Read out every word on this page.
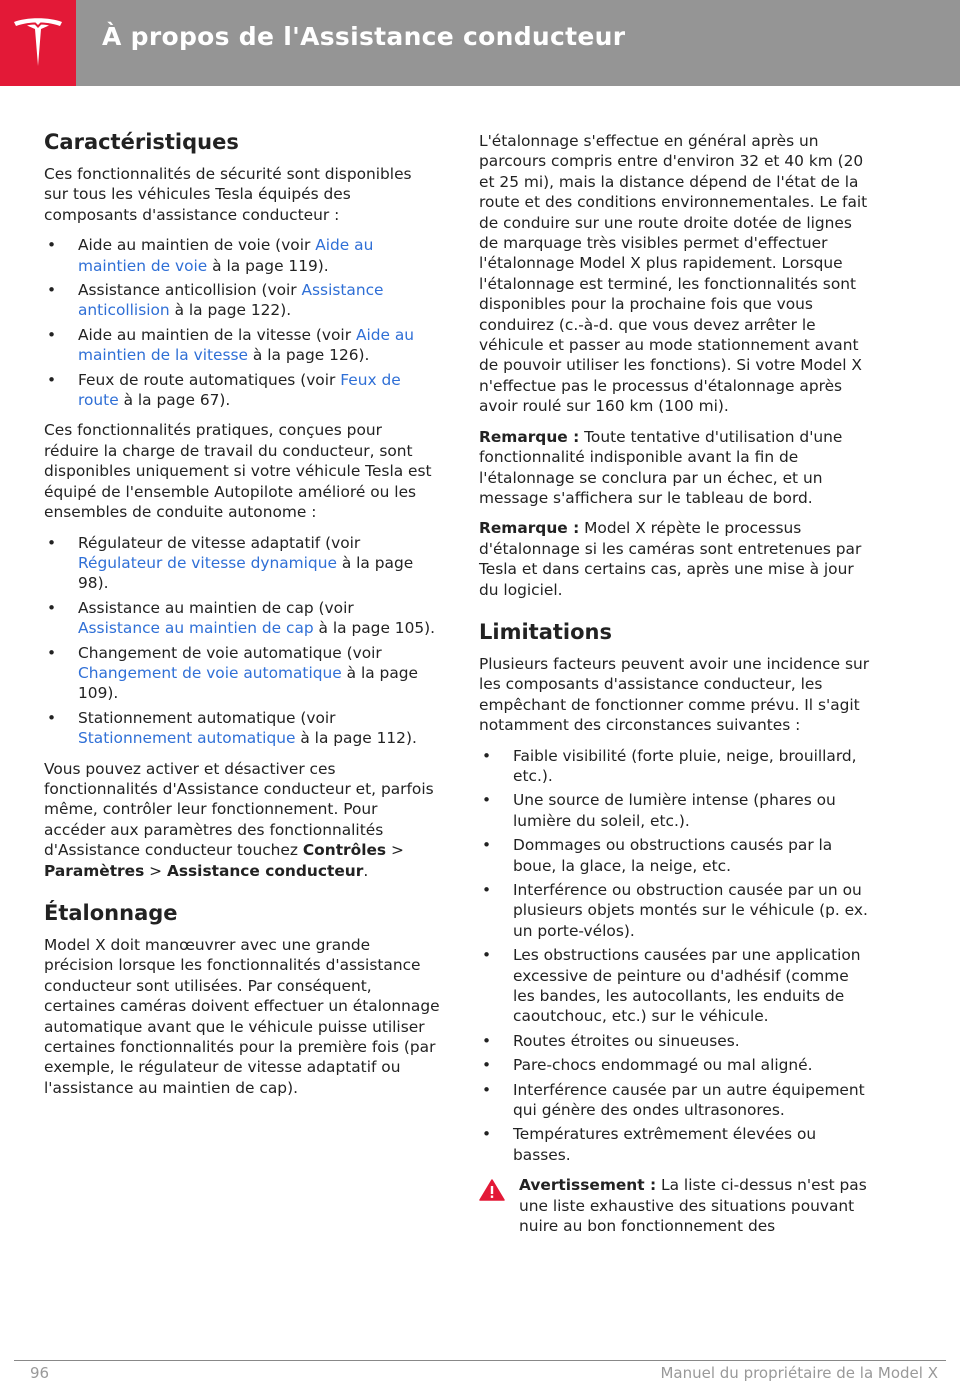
À propos de l'Assistance conducteur
Caractéristiques

Ces fonctionnalités de sécurité sont disponibles sur tous les véhicules Tesla équipés des composants d'assistance conducteur :

• Aide au maintien de voie (voir Aide au maintien de voie à la page 119).
• Assistance anticollision (voir Assistance anticollision à la page 122).
• Aide au maintien de la vitesse (voir Aide au maintien de la vitesse à la page 126).
• Feux de route automatiques (voir Feux de route à la page 67).

Ces fonctionnalités pratiques, conçues pour réduire la charge de travail du conducteur, sont disponibles uniquement si votre véhicule Tesla est équipé de l'ensemble Autopilote amélioré ou les ensembles de conduite autonome :

• Régulateur de vitesse adaptatif (voir Régulateur de vitesse dynamique à la page 98).
• Assistance au maintien de cap (voir Assistance au maintien de cap à la page 105).
• Changement de voie automatique (voir Changement de voie automatique à la page 109).
• Stationnement automatique (voir Stationnement automatique à la page 112).

Vous pouvez activer et désactiver ces fonctionnalités d'Assistance conducteur et, parfois même, contrôler leur fonctionnement. Pour accéder aux paramètres des fonctionnalités d'Assistance conducteur touchez Contrôles > Paramètres > Assistance conducteur.

Étalonnage

Model X doit manœuvrer avec une grande précision lorsque les fonctionnalités d'assistance conducteur sont utilisées. Par conséquent, certaines caméras doivent effectuer un étalonnage automatique avant que le véhicule puisse utiliser certaines fonctionnalités pour la première fois (par exemple, le régulateur de vitesse adaptatif ou l'assistance au maintien de cap).

L'étalonnage s'effectue en général après un parcours compris entre d'environ 32 et 40 km (20 et 25 mi), mais la distance dépend de l'état de la route et des conditions environnementales. Le fait de conduire sur une route droite dotée de lignes de marquage très visibles permet d'effectuer l'étalonnage Model X plus rapidement. Lorsque l'étalonnage est terminé, les fonctionnalités sont disponibles pour la prochaine fois que vous conduirez (c.-à-d. que vous devez arrêter le véhicule et passer au mode stationnement avant de pouvoir utiliser les fonctions). Si votre Model X n'effectue pas le processus d'étalonnage après avoir roulé sur 160 km (100 mi).

Remarque : Toute tentative d'utilisation d'une fonctionnalité indisponible avant la fin de l'étalonnage se conclura par un échec, et un message s'affichera sur le tableau de bord.

Remarque : Model X répète le processus d'étalonnage si les caméras sont entretenues par Tesla et dans certains cas, après une mise à jour du logiciel.

Limitations

Plusieurs facteurs peuvent avoir une incidence sur les composants d'assistance conducteur, les empêchant de fonctionner comme prévu. Il s'agit notamment des circonstances suivantes :

• Faible visibilité (forte pluie, neige, brouillard, etc.).
• Une source de lumière intense (phares ou lumière du soleil, etc.).
• Dommages ou obstructions causés par la boue, la glace, la neige, etc.
• Interférence ou obstruction causée par un ou plusieurs objets montés sur le véhicule (p. ex. un porte-vélos).
• Les obstructions causées par une application excessive de peinture ou d'adhésif (comme les bandes, les autocollants, les enduits de caoutchouc, etc.) sur le véhicule.
• Routes étroites ou sinueuses.
• Pare-chocs endommagé ou mal aligné.
• Interférence causée par un autre équipement qui génère des ondes ultrasonores.
• Températures extrêmement élevées ou basses.

Avertissement : La liste ci-dessus n'est pas une liste exhaustive des situations pouvant nuire au bon fonctionnement des

96	Manuel du propriétaire de la Model X
